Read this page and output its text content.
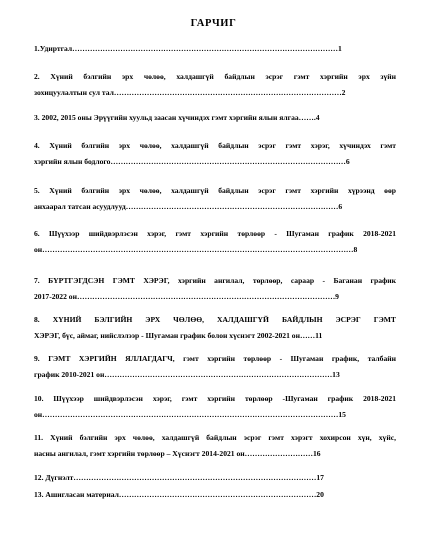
ГАРЧИГ
1.Удиртгал……………………………………………………………………………………………1
2. Хүний бэлгийн эрх чөлөө, халдашгүй байдлын эсрэг гэмт хэргийн эрх зүйн
зохицуулалтын сул тал………………………………………………………………………………2
3. 2002, 2015 оны Эрүүгийн хуульд заасан хүчиндэх гэмт хэргийн ялын ялгаа…….4
4. Хүний бэлгийн эрх чөлөө, халдашгүй байдлын эсрэг гэмт хэрэг, хүчиндэх гэмт
хэргийн ялын бодлого…………………………………………………………………………………6
5. Хүний бэлгийн эрх чөлөө, халдашгүй байдлын эсрэг гэмт хэргийн хүрээнд өөр
анхаарал татсан асуудлууд…………………………………………………………………………6
6. Шүүхээр шийдвэрлэсэн хэрэг, гэмт хэргийн төрлөөр - Шугаман график 2018-2021
он……………………………………………………………………………………………………………8
7. БҮРТГЭГДСЭН ГЭМТ ХЭРЭГ, хэргийн ангилал, төрлөөр, сараар - Баганан график
2017-2022 он…………………………………………………………………………………………9
8. ХҮНИЙ БЭЛГИЙН ЭРХ ЧӨЛӨӨ, ХАЛДАШГҮЙ БАЙДЛЫН ЭСРЭГ ГЭМТ
ХЭРЭГ, бүс, аймаг, нийслэлээр - Шугаман график болон хүснэгт 2002-2021 он……11
9. ГЭМТ ХЭРГИЙН ЯЛЛАГДАГЧ, гэмт хэргийн төрлөөр - Шугаман график, талбайн
график 2010-2021 он………………………………………………………………………………13
10. Шүүхээр шийдвэрлэсэн хэрэг, гэмт хэргийн төрлөөр -Шугаман график 2018-2021
он………………………………………………………………………………………………………15
11. Хүний бэлгийн эрх чөлөө, халдашгүй байдлын эсрэг гэмт хэрэгт хохирсон хүн, хүйс,
насны ангилал, гэмт хэргийн төрлөөр – Хүснэгт 2014-2021 он………………………16
12. Дүгнэлт……………………………………………………………………………………17
13. Ашигласан материал……………………………………………………………………20
